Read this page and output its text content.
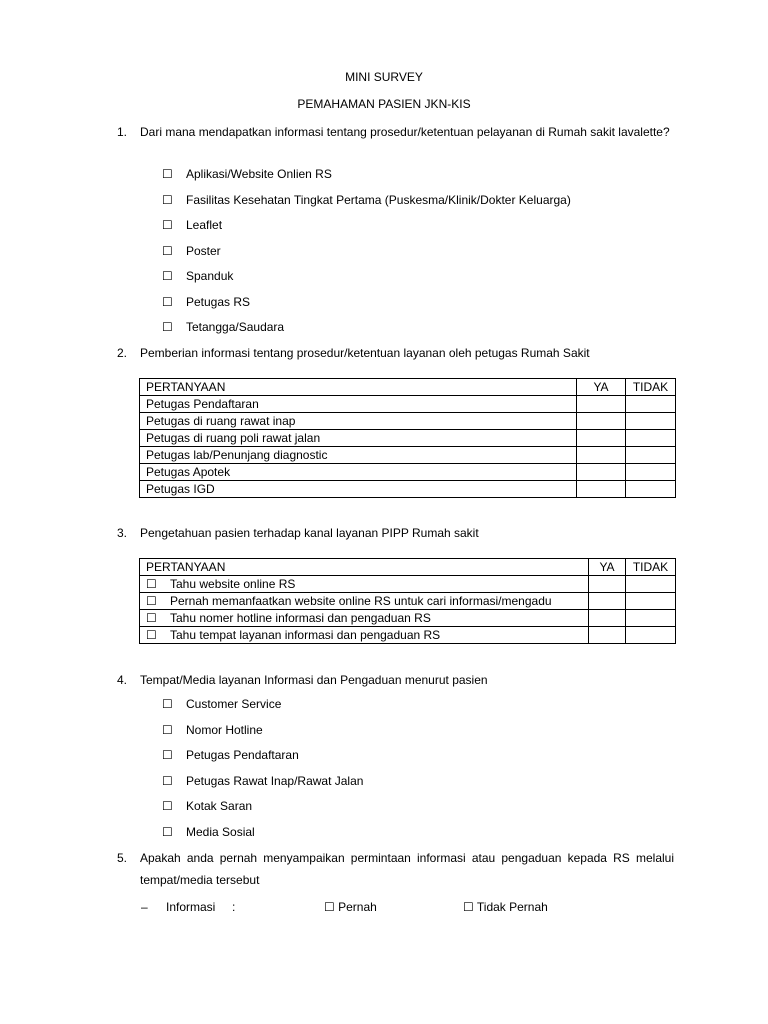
MINI SURVEY
PEMAHAMAN PASIEN JKN-KIS
1. Dari mana mendapatkan informasi tentang prosedur/ketentuan pelayanan di Rumah sakit lavalette?
☐ Aplikasi/Website Onlien RS
☐ Fasilitas Kesehatan Tingkat Pertama (Puskesma/Klinik/Dokter Keluarga)
☐ Leaflet
☐ Poster
☐ Spanduk
☐ Petugas RS
☐ Tetangga/Saudara
2. Pemberian informasi tentang prosedur/ketentuan layanan oleh petugas Rumah Sakit
PERTANYAAN	YA	TIDAK
Petugas Pendaftaran		
Petugas di ruang rawat inap		
Petugas di ruang poli rawat jalan		
Petugas lab/Penunjang diagnostic		
Petugas Apotek		
Petugas IGD		
3. Pengetahuan pasien terhadap kanal layanan PIPP Rumah sakit
PERTANYAAN	YA	TIDAK
☐ Tahu website online RS		
☐ Pernah memanfaatkan website online RS untuk cari informasi/mengadu		
☐ Tahu nomer hotline informasi dan pengaduan RS		
☐ Tahu tempat layanan informasi dan pengaduan RS		
4. Tempat/Media layanan Informasi dan Pengaduan menurut pasien
☐ Customer Service
☐ Nomor Hotline
☐ Petugas Pendaftaran
☐ Petugas Rawat Inap/Rawat Jalan
☐ Kotak Saran
☐ Media Sosial
5. Apakah anda pernah menyampaikan permintaan informasi atau pengaduan kepada RS melalui tempat/media tersebut
– Informasi :	☐ Pernah	☐ Tidak Pernah
